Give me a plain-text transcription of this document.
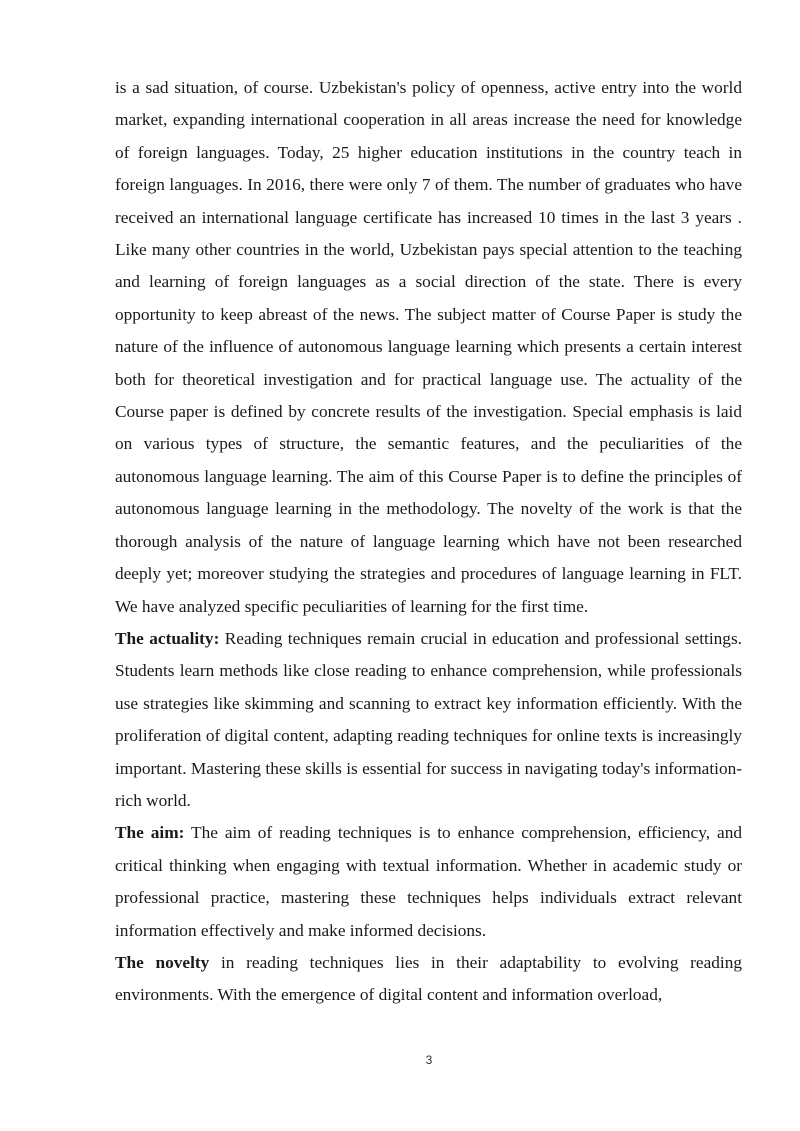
is a sad situation, of course. Uzbekistan's policy of openness, active entry into the world market, expanding international cooperation in all areas increase the need for knowledge of foreign languages. Today, 25 higher education institutions in the country teach in foreign languages. In 2016, there were only 7 of them. The number of graduates who have received an international language certificate has increased 10 times in the last 3 years . Like many other countries in the world, Uzbekistan pays special attention to the teaching and learning of foreign languages as a social direction of the state. There is every opportunity to keep abreast of the news. The subject matter of Course Paper is study the nature of the influence of autonomous language learning which presents a certain interest both for theoretical investigation and for practical language use. The actuality of the Course paper is defined by concrete results of the investigation. Special emphasis is laid on various types of structure, the semantic features, and the peculiarities of the autonomous language learning. The aim of this Course Paper is to define the principles of autonomous language learning in the methodology. The novelty of the work is that the thorough analysis of the nature of language learning which have not been researched deeply yet; moreover studying the strategies and procedures of language learning in FLT. We have analyzed specific peculiarities of learning for the first time.

The actuality: Reading techniques remain crucial in education and professional settings. Students learn methods like close reading to enhance comprehension, while professionals use strategies like skimming and scanning to extract key information efficiently. With the proliferation of digital content, adapting reading techniques for online texts is increasingly important. Mastering these skills is essential for success in navigating today's information-rich world.

The aim: The aim of reading techniques is to enhance comprehension, efficiency, and critical thinking when engaging with textual information. Whether in academic study or professional practice, mastering these techniques helps individuals extract relevant information effectively and make informed decisions.

The novelty in reading techniques lies in their adaptability to evolving reading environments. With the emergence of digital content and information overload,

3
